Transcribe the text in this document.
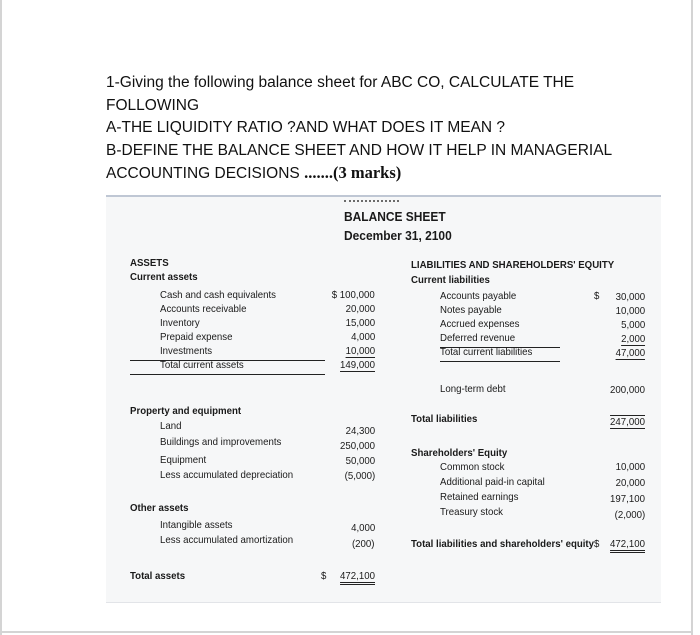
1-Giving the following balance sheet for ABC CO, CALCULATE THE
FOLLOWING
A-THE LIQUIDITY RATIO ?AND WHAT DOES IT MEAN ?
B-DEFINE THE BALANCE SHEET AND HOW IT HELP IN MANAGERIAL
ACCOUNTING DECISIONS .......(3 marks)
BALANCE SHEET
December 31, 2100
ASSETS
Current assets
Cash and cash equivalents	$ 100,000
Accounts receivable	20,000
Inventory	15,000
Prepaid expense	4,000
Investments	10,000
Total current assets	149,000
Property and equipment
Land	24,300
Buildings and improvements	250,000
Equipment	50,000
Less accumulated depreciation	(5,000)
Other assets
Intangible assets	4,000
Less accumulated amortization	(200)
Total assets	$ 472,100
LIABILITIES AND SHAREHOLDERS' EQUITY
Current liabilities
Accounts payable	$ 30,000
Notes payable	10,000
Accrued expenses	5,000
Deferred revenue	2,000
Total current liabilities	47,000
Long-term debt	200,000
Total liabilities	247,000
Shareholders' Equity
Common stock	10,000
Additional paid-in capital	20,000
Retained earnings	197,100
Treasury stock	(2,000)
Total liabilities and shareholders' equity $ 472,100
